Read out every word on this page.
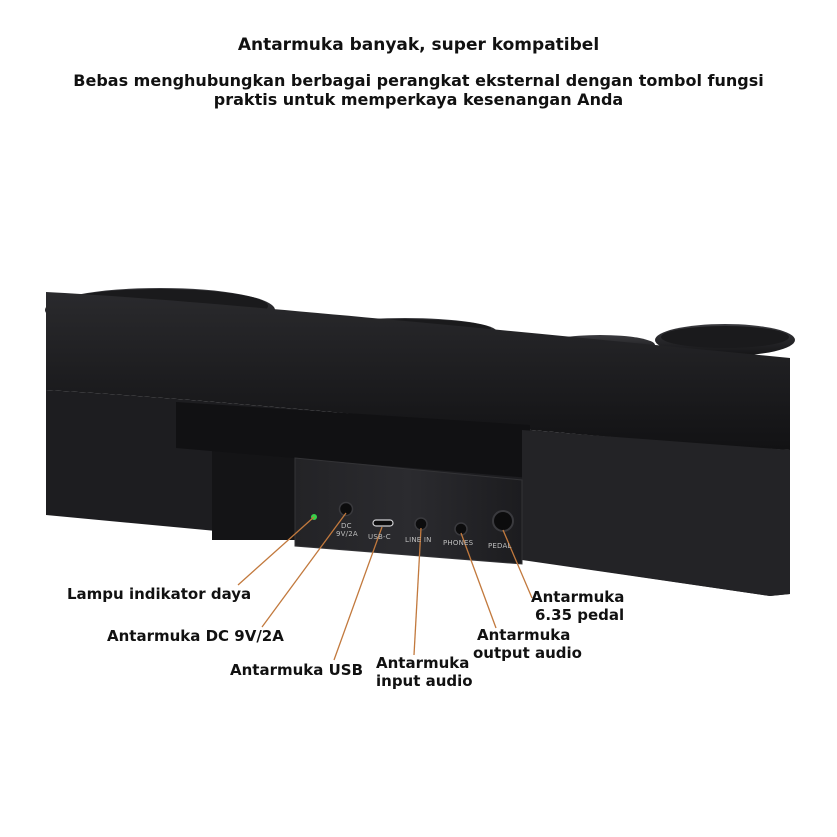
Antarmuka banyak, super kompatibel
Bebas menghubungkan berbagai perangkat eksternal dengan tombol fungsi
praktis untuk memperkaya kesenangan Anda
DC
9V/2A USB-C LINE IN PHONES PEDAL
Lampu indikator daya
Antarmuka DC 9V/2A
Antarmuka USB Antarmuka
input audio
Antarmuka
output audio
Antarmuka
6.35 pedal
